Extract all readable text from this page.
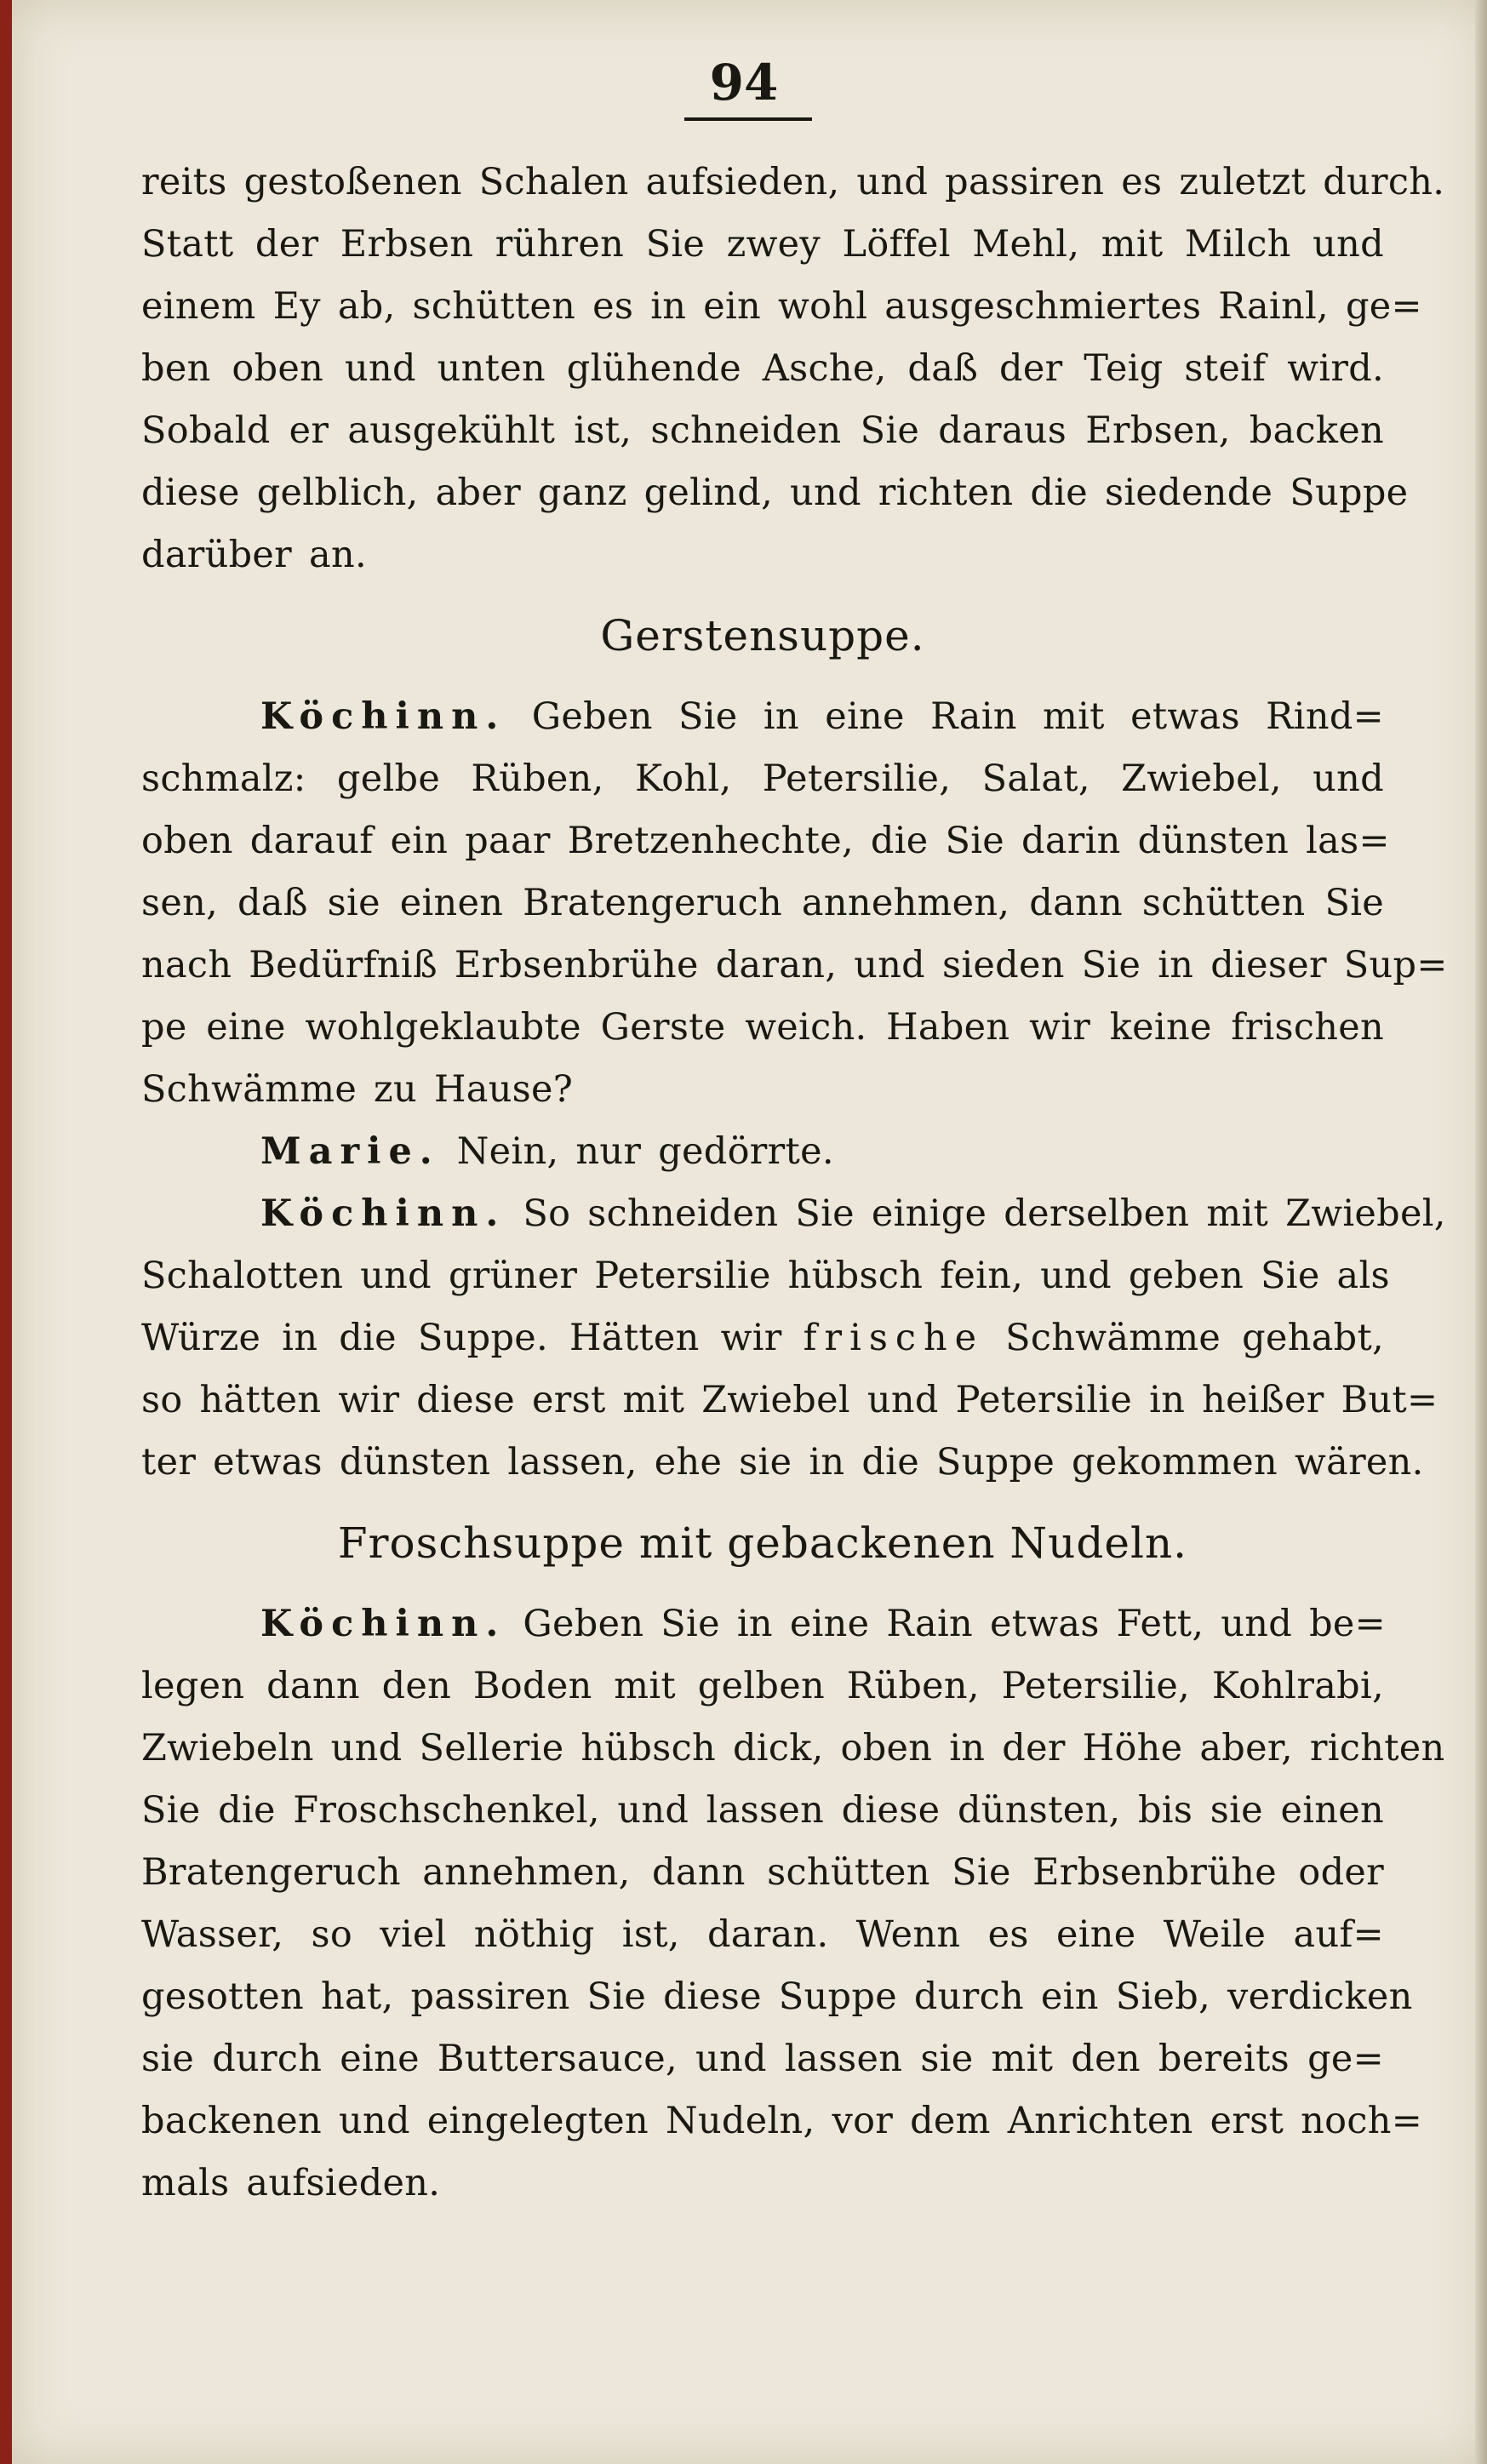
94
reits gestoßenen Schalen aufsieden, und passiren es zuletzt durch.
Statt der Erbsen rühren Sie zwey Löffel Mehl, mit Milch und
einem Ey ab, schütten es in ein wohl ausgeschmiertes Rainl, ge=
ben oben und unten glühende Asche, daß der Teig steif wird.
Sobald er ausgekühlt ist, schneiden Sie daraus Erbsen, backen
diese gelblich, aber ganz gelind, und richten die siedende Suppe
darüber an.
Gerstensuppe.
Köchinn. Geben Sie in eine Rain mit etwas Rind=
schmalz: gelbe Rüben, Kohl, Petersilie, Salat, Zwiebel, und
oben darauf ein paar Bretzenhechte, die Sie darin dünsten las=
sen, daß sie einen Bratengeruch annehmen, dann schütten Sie
nach Bedürfniß Erbsenbrühe daran, und sieden Sie in dieser Sup=
pe eine wohlgeklaubte Gerste weich. Haben wir keine frischen
Schwämme zu Hause?
Marie. Nein, nur gedörrte.
Köchinn. So schneiden Sie einige derselben mit Zwiebel,
Schalotten und grüner Petersilie hübsch fein, und geben Sie als
Würze in die Suppe. Hätten wir frische Schwämme gehabt,
so hätten wir diese erst mit Zwiebel und Petersilie in heißer But=
ter etwas dünsten lassen, ehe sie in die Suppe gekommen wären.
Froschsuppe mit gebackenen Nudeln.
Köchinn. Geben Sie in eine Rain etwas Fett, und be=
legen dann den Boden mit gelben Rüben, Petersilie, Kohlrabi,
Zwiebeln und Sellerie hübsch dick, oben in der Höhe aber, richten
Sie die Froschschenkel, und lassen diese dünsten, bis sie einen
Bratengeruch annehmen, dann schütten Sie Erbsenbrühe oder
Wasser, so viel nöthig ist, daran. Wenn es eine Weile auf=
gesotten hat, passiren Sie diese Suppe durch ein Sieb, verdicken
sie durch eine Buttersauce, und lassen sie mit den bereits ge=
backenen und eingelegten Nudeln, vor dem Anrichten erst noch=
mals aufsieden.
